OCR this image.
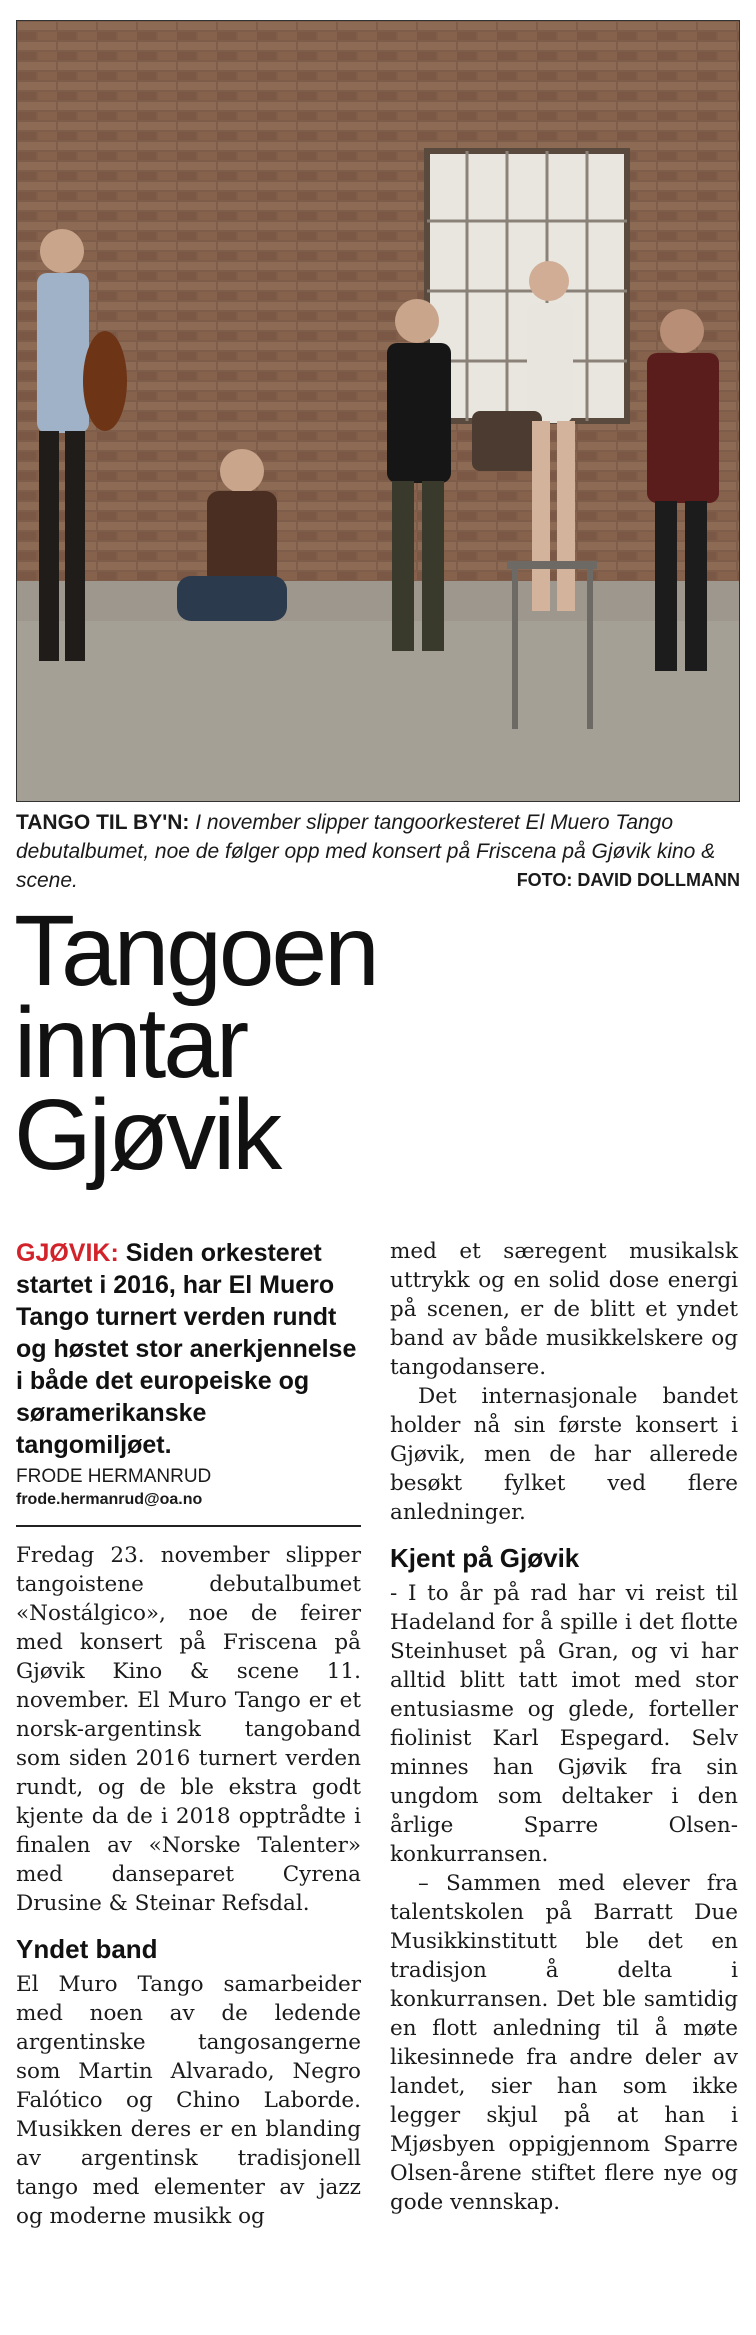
TANGO TIL BY'N: I november slipper tangoorkesteret El Muero Tango debutalbumet, noe de følger opp med konsert på Friscena på Gjøvik kino & scene.	FOTO: DAVID DOLLMANN
Tangoen
inntar
Gjøvik
GJØVIK: Siden orkesteret startet i 2016, har El Muero Tango turnert verden rundt og høstet stor anerkjennelse i både det europeiske og søramerikanske tangomiljøet.
FRODE HERMANRUD
frode.hermanrud@oa.no

Fredag 23. november slipper tangoistene debutalbumet «Nostálgico», noe de feirer med konsert på Friscena på Gjøvik Kino & scene 11. november. El Muro Tango er et norsk-argentinsk tangoband som siden 2016 turnert verden rundt, og de ble ekstra godt kjente da de i 2018 opptrådte i finalen av «Norske Talenter» med danseparet Cyrena Drusine & Steinar Refsdal.

Yndet band

El Muro Tango samarbeider med noen av de ledende argentinske tangosangerne som Martin Alvarado, Negro Falótico og Chino Laborde. Musikken deres er en blanding av argentinsk tradisjonell tango med elementer av jazz og moderne musikk og

med et særegent musikalsk uttrykk og en solid dose energi på scenen, er de blitt et yndet band av både musikkelskere og tangodansere.

Det internasjonale bandet holder nå sin første konsert i Gjøvik, men de har allerede besøkt fylket ved flere anledninger.

Kjent på Gjøvik

- I to år på rad har vi reist til Hadeland for å spille i det flotte Steinhuset på Gran, og vi har alltid blitt tatt imot med stor entusiasme og glede, forteller fiolinist Karl Espegard. Selv minnes han Gjøvik fra sin ungdom som deltaker i den årlige Sparre Olsen-konkurransen.

– Sammen med elever fra talentskolen på Barratt Due Musikkinstitutt ble det en tradisjon å delta i konkurransen. Det ble samtidig en flott anledning til å møte likesinnede fra andre deler av landet, sier han som ikke legger skjul på at han i Mjøsbyen oppigjennom Sparre Olsen-årene stiftet flere nye og gode vennskap.
